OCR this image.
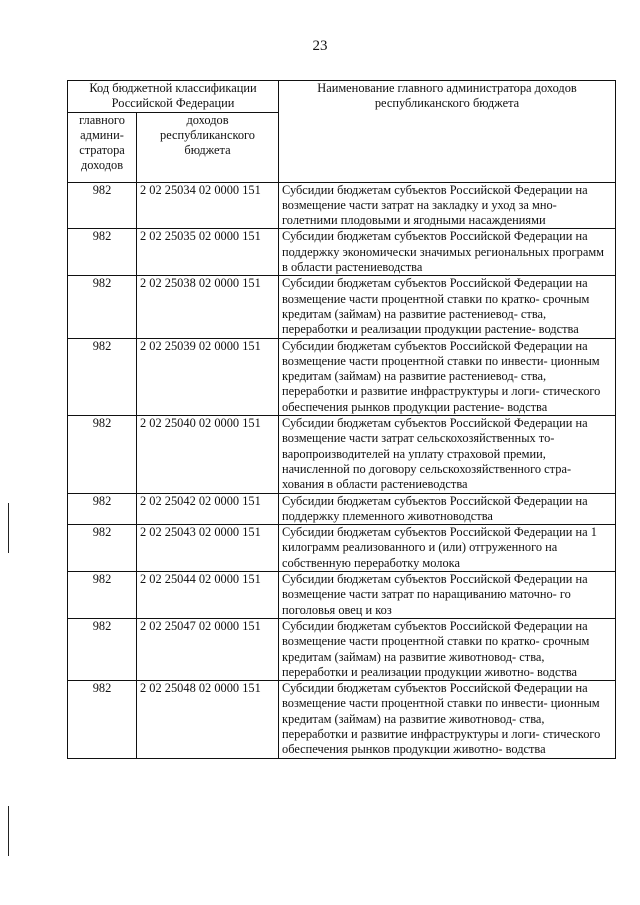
23
Код бюджетной классификации Российской Федерации		Наименование главного администратора доходов республиканского бюджета
главного админи- стратора доходов	доходов республиканского бюджета	
982	2 02 25034 02 0000 151	Субсидии бюджетам субъектов Российской Федерации на возмещение части затрат на закладку и уход за мно- голетними плодовыми и ягодными насаждениями
982	2 02 25035 02 0000 151	Субсидии бюджетам субъектов Российской Федерации на поддержку экономически значимых региональных программ в области растениеводства
982	2 02 25038 02 0000 151	Субсидии бюджетам субъектов Российской Федерации на возмещение части процентной ставки по кратко- срочным кредитам (займам) на развитие растениевод- ства, переработки и реализации продукции растение- водства
982	2 02 25039 02 0000 151	Субсидии бюджетам субъектов Российской Федерации на возмещение части процентной ставки по инвести- ционным кредитам (займам) на развитие растениевод- ства, переработки и развитие инфраструктуры и логи- стического обеспечения рынков продукции растение- водства
982	2 02 25040 02 0000 151	Субсидии бюджетам субъектов Российской Федерации на возмещение части затрат сельскохозяйственных то- варопроизводителей на уплату страховой премии, начисленной по договору сельскохозяйственного стра- хования в области растениеводства
982	2 02 25042 02 0000 151	Субсидии бюджетам субъектов Российской Федерации на поддержку племенного животноводства
982	2 02 25043 02 0000 151	Субсидии бюджетам субъектов Российской Федерации на 1 килограмм реализованного и (или) отгруженного на собственную переработку молока
982	2 02 25044 02 0000 151	Субсидии бюджетам субъектов Российской Федерации на возмещение части затрат по наращиванию маточно- го поголовья овец и коз
982	2 02 25047 02 0000 151	Субсидии бюджетам субъектов Российской Федерации на возмещение части процентной ставки по кратко- срочным кредитам (займам) на развитие животновод- ства, переработки и реализации продукции животно- водства
982	2 02 25048 02 0000 151	Субсидии бюджетам субъектов Российской Федерации на возмещение части процентной ставки по инвести- ционным кредитам (займам) на развитие животновод- ства, переработки и развитие инфраструктуры и логи- стического обеспечения рынков продукции животно- водства
